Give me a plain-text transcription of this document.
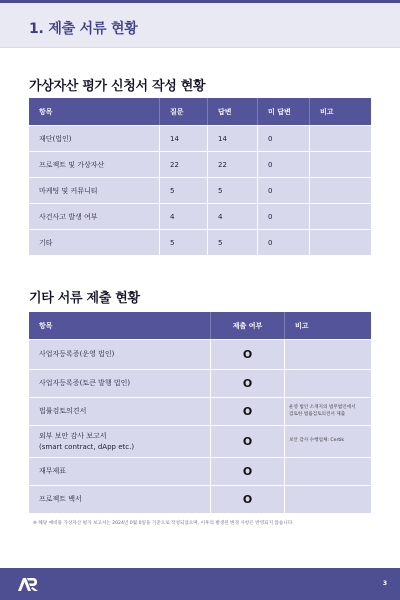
1. 제출 서류 현황
가상자산 평가 신청서 작성 현황
항목	질문	답변	미 답변	비고
재단(법인)	14	14	0	
프로젝트 및 가상자산	22	22	0	
마케팅 및 커뮤니티	5	5	0	
사건사고 발생 여부	4	4	0	
기타	5	5	0	
기타 서류 제출 현황
항목	제출 여부	비고
사업자등록증(운영 법인)	O	
사업자등록증(토큰 발행 법인)	O	
법률검토의견서	O	운영 법인 소재지의 법무법인에서
검토한 법률검토의견서 제출

외부 보안 감사 보고서
(smart contract, dApp etc.)	O	보안 감사 수행업체: Certik
재무제표	O	
프로젝트 백서	O	
※ 해당 예비용 가상자산 평가 보고서는 2024년 0월 0일을 기준으로 작성되었으며, 이후의 발생된 변경 사항은 반영되지 않습니다.
3
